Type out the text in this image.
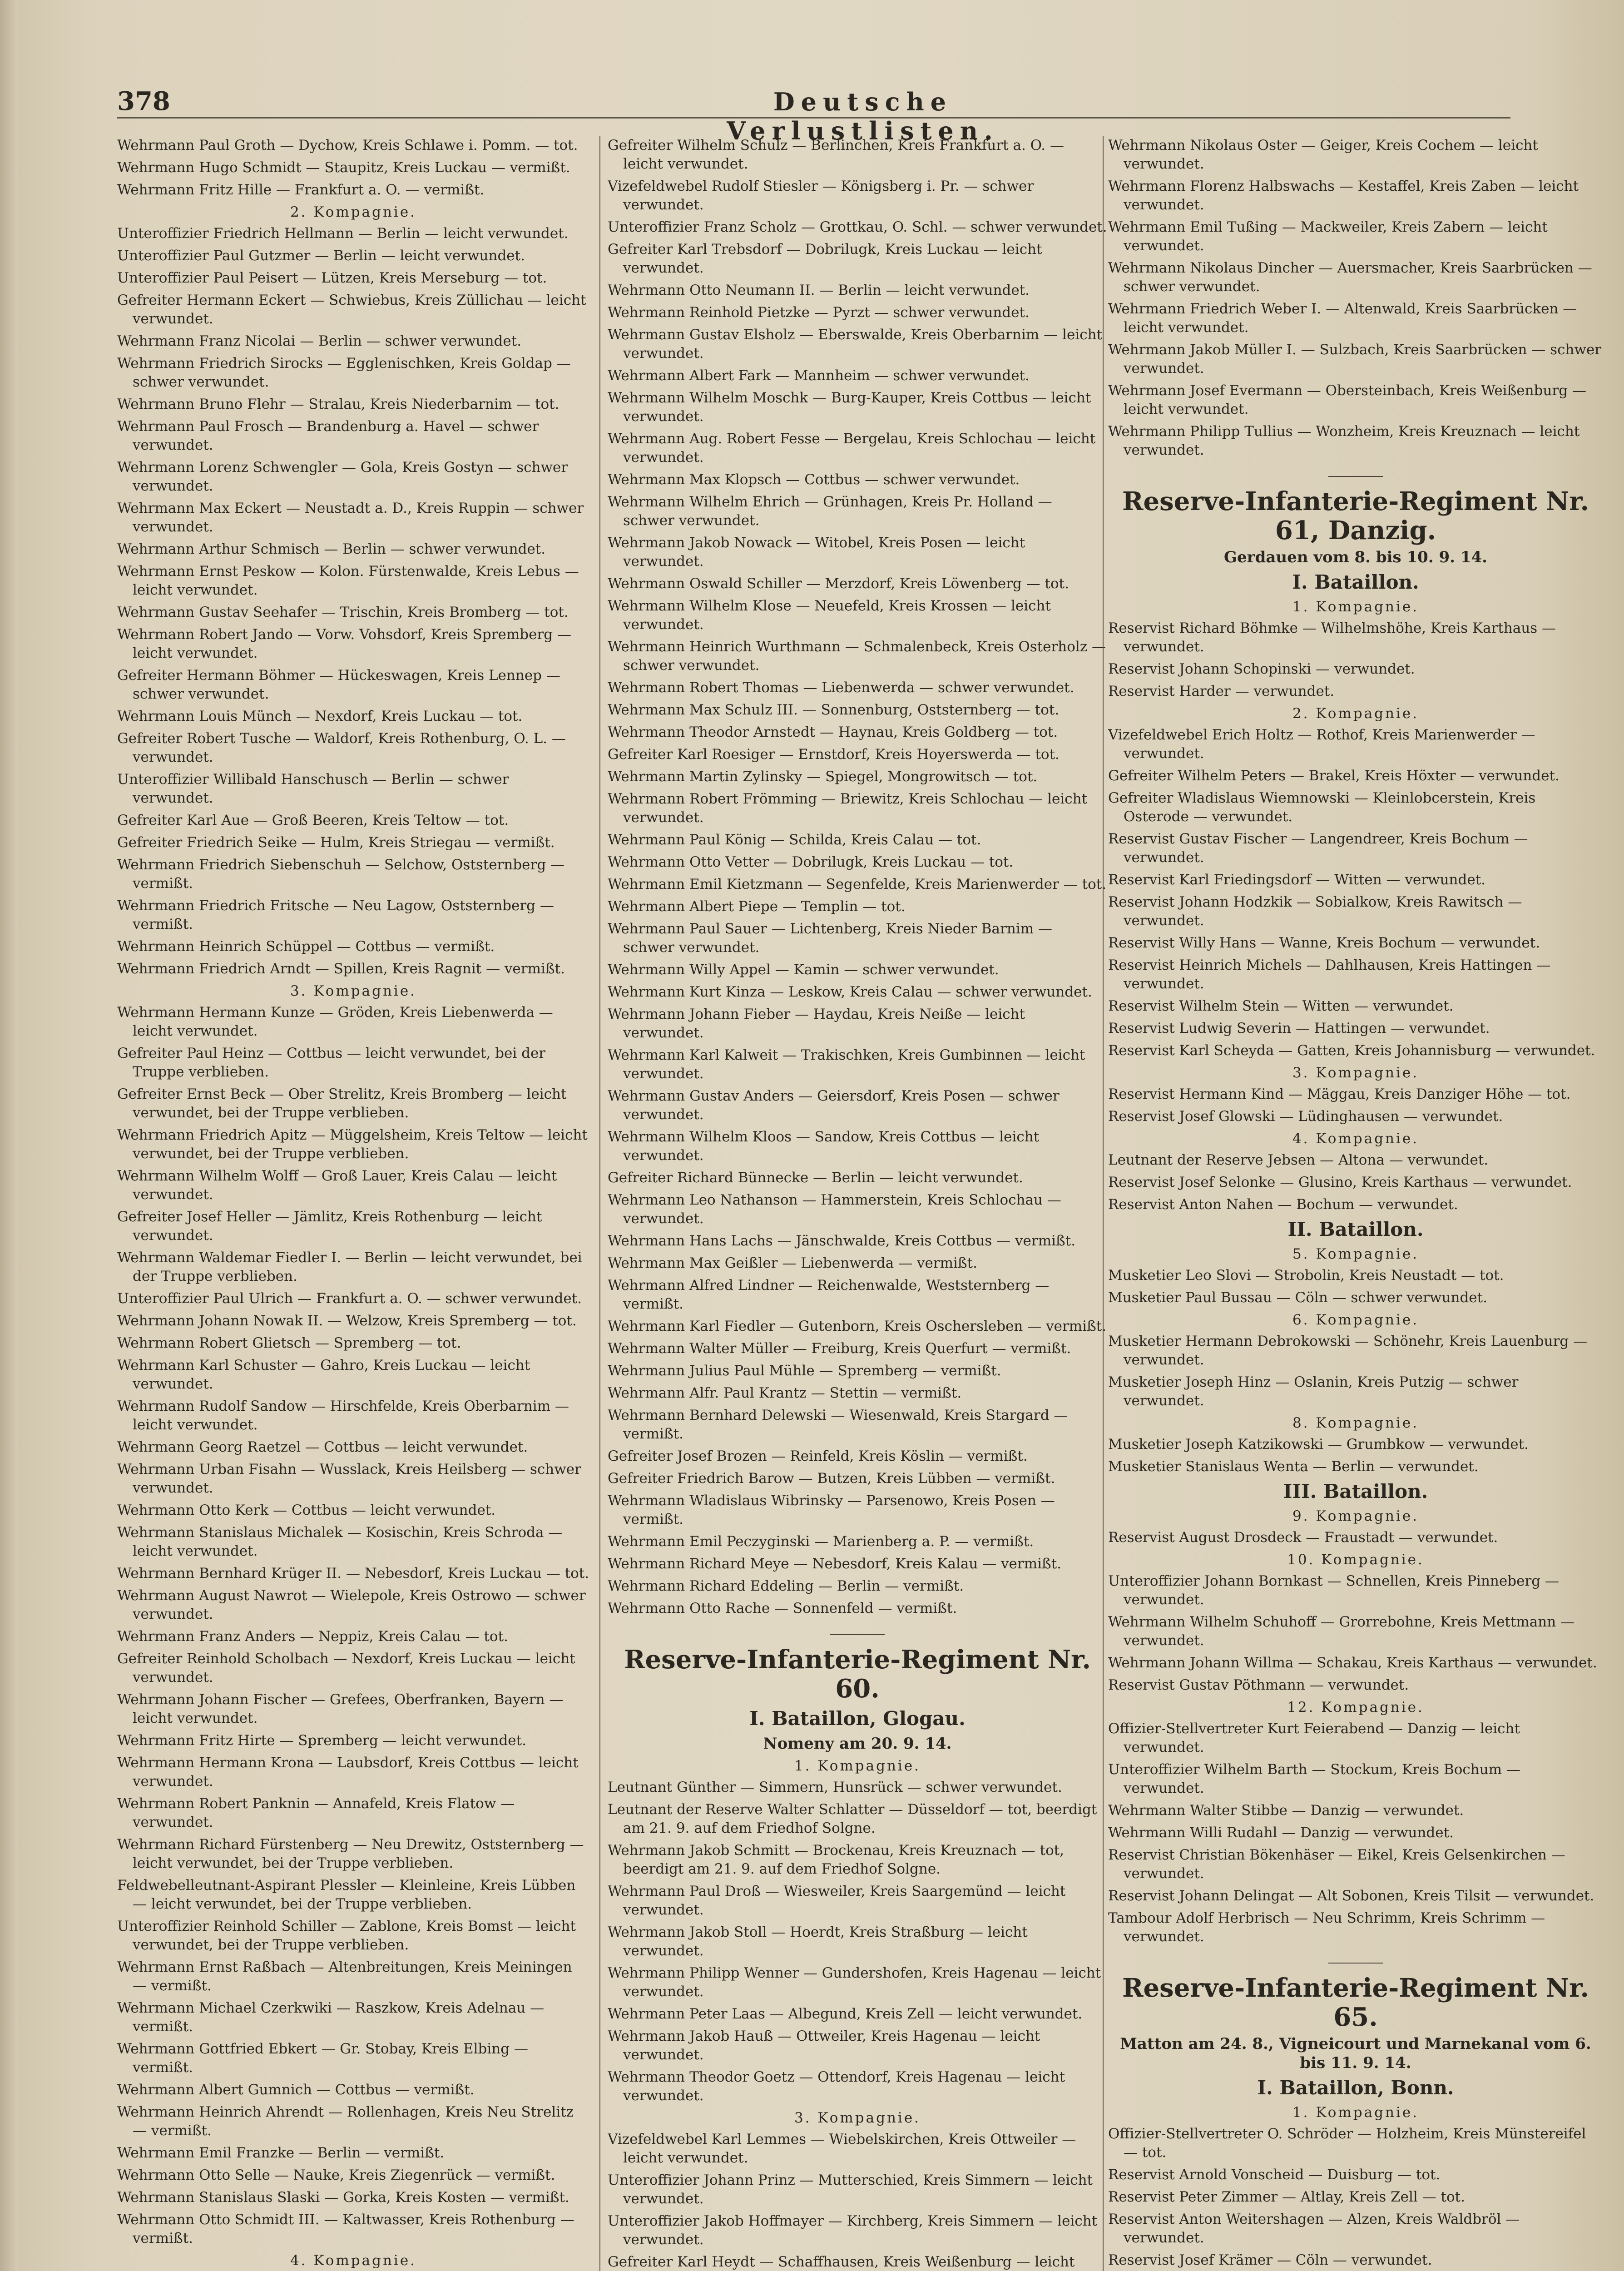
378	Deutsche Verlustlisten.
Wehrmann Paul Groth — Dychow, Kreis Schlawe i. Pomm. — tot.
Wehrmann Hugo Schmidt — Staupitz, Kreis Luckau — vermißt.
Wehrmann Fritz Hille — Frankfurt a. O. — vermißt.
2. Kompagnie.
Unteroffizier Friedrich Hellmann — Berlin — leicht verwundet.
Unteroffizier Paul Gutzmer — Berlin — leicht verwundet.
Unteroffizier Paul Peisert — Lützen, Kreis Merseburg — tot.
Gefreiter Hermann Eckert — Schwiebus, Kreis Züllichau — leicht verwundet.
Wehrmann Franz Nicolai — Berlin — schwer verwundet.
Wehrmann Friedrich Sirocks — Egglenischken, Kreis Goldap — schwer verwundet.
Wehrmann Bruno Flehr — Stralau, Kreis Niederbarnim — tot.
Wehrmann Paul Frosch — Brandenburg a. Havel — schwer verwundet.
Wehrmann Lorenz Schwengler — Gola, Kreis Gostyn — schwer verwundet.
Wehrmann Max Eckert — Neustadt a. D., Kreis Ruppin — schwer verwundet.
Wehrmann Arthur Schmisch — Berlin — schwer verwundet.
Wehrmann Ernst Peskow — Kolon. Fürstenwalde, Kreis Lebus — leicht verwundet.
Wehrmann Gustav Seehafer — Trischin, Kreis Bromberg — tot.
Wehrmann Robert Jando — Vorw. Vohsdorf, Kreis Spremberg — leicht verwundet.
Gefreiter Hermann Böhmer — Hückeswagen, Kreis Lennep — schwer verwundet.
Wehrmann Louis Münch — Nexdorf, Kreis Luckau — tot.
Gefreiter Robert Tusche — Waldorf, Kreis Rothenburg, O. L. — verwundet.
Unteroffizier Willibald Hanschusch — Berlin — schwer verwundet.
Gefreiter Karl Aue — Groß Beeren, Kreis Teltow — tot.
Gefreiter Friedrich Seike — Hulm, Kreis Striegau — vermißt.
Wehrmann Friedrich Siebenschuh — Selchow, Oststernberg — vermißt.
Wehrmann Friedrich Fritsche — Neu Lagow, Oststernberg — vermißt.
Wehrmann Heinrich Schüppel — Cottbus — vermißt.
Wehrmann Friedrich Arndt — Spillen, Kreis Ragnit — vermißt.
3. Kompagnie.
Wehrmann Hermann Kunze — Gröden, Kreis Liebenwerda — leicht verwundet.
Gefreiter Paul Heinz — Cottbus — leicht verwundet, bei der Truppe verblieben.
Gefreiter Ernst Beck — Ober Strelitz, Kreis Bromberg — leicht verwundet, bei der Truppe verblieben.
Wehrmann Friedrich Apitz — Müggelsheim, Kreis Teltow — leicht verwundet, bei der Truppe verblieben.
Wehrmann Wilhelm Wolff — Groß Lauer, Kreis Calau — leicht verwundet.
Gefreiter Josef Heller — Jämlitz, Kreis Rothenburg — leicht verwundet.
Wehrmann Waldemar Fiedler I. — Berlin — leicht verwundet, bei der Truppe verblieben.
Unteroffizier Paul Ulrich — Frankfurt a. O. — schwer verwundet.
Wehrmann Johann Nowak II. — Welzow, Kreis Spremberg — tot.
Wehrmann Robert Glietsch — Spremberg — tot.
Wehrmann Karl Schuster — Gahro, Kreis Luckau — leicht verwundet.
Wehrmann Rudolf Sandow — Hirschfelde, Kreis Oberbarnim — leicht verwundet.
Wehrmann Georg Raetzel — Cottbus — leicht verwundet.
Wehrmann Urban Fisahn — Wusslack, Kreis Heilsberg — schwer verwundet.
Wehrmann Otto Kerk — Cottbus — leicht verwundet.
Wehrmann Stanislaus Michalek — Kosischin, Kreis Schroda — leicht verwundet.
Wehrmann Bernhard Krüger II. — Nebesdorf, Kreis Luckau — tot.
Wehrmann August Nawrot — Wielepole, Kreis Ostrowo — schwer verwundet.
Wehrmann Franz Anders — Neppiz, Kreis Calau — tot.
Gefreiter Reinhold Scholbach — Nexdorf, Kreis Luckau — leicht verwundet.
Wehrmann Johann Fischer — Grefees, Oberfranken, Bayern — leicht verwundet.
Wehrmann Fritz Hirte — Spremberg — leicht verwundet.
Wehrmann Hermann Krona — Laubsdorf, Kreis Cottbus — leicht verwundet.
Wehrmann Robert Panknin — Annafeld, Kreis Flatow — verwundet.
Wehrmann Richard Fürstenberg — Neu Drewitz, Oststernberg — leicht verwundet, bei der Truppe verblieben.
Feldwebelleutnant-Aspirant Plessler — Kleinleine, Kreis Lübben — leicht verwundet, bei der Truppe verblieben.
Unteroffizier Reinhold Schiller — Zablone, Kreis Bomst — leicht verwundet, bei der Truppe verblieben.
Wehrmann Ernst Raßbach — Altenbreitungen, Kreis Meiningen — vermißt.
Wehrmann Michael Czerkwiki — Raszkow, Kreis Adelnau — vermißt.
Wehrmann Gottfried Ebkert — Gr. Stobay, Kreis Elbing — vermißt.
Wehrmann Albert Gumnich — Cottbus — vermißt.
Wehrmann Heinrich Ahrendt — Rollenhagen, Kreis Neu Strelitz — vermißt.
Wehrmann Emil Franzke — Berlin — vermißt.
Wehrmann Otto Selle — Nauke, Kreis Ziegenrück — vermißt.
Wehrmann Stanislaus Slaski — Gorka, Kreis Kosten — vermißt.
Wehrmann Otto Schmidt III. — Kaltwasser, Kreis Rothenburg — vermißt.
4. Kompagnie.
Gefreiter Wilhelm Schulz — Berlinchen, Kreis Frankfurt a. O. — leicht verwundet.
Vizefeldwebel Rudolf Stiesler — Königsberg i. Pr. — schwer verwundet.
Unteroffizier Franz Scholz — Grottkau, O. Schl. — schwer verwundet.
Gefreiter Karl Trebsdorf — Dobrilugk, Kreis Luckau — leicht verwundet.
Wehrmann Otto Neumann II. — Berlin — leicht verwundet.
Wehrmann Reinhold Pietzke — Pyrzt — schwer verwundet.
Wehrmann Gustav Elsholz — Eberswalde, Kreis Oberbarnim — leicht verwundet.
Wehrmann Albert Fark — Mannheim — schwer verwundet.
Wehrmann Wilhelm Moschk — Burg-Kauper, Kreis Cottbus — leicht verwundet.
Wehrmann Aug. Robert Fesse — Bergelau, Kreis Schlochau — leicht verwundet.
Wehrmann Max Klopsch — Cottbus — schwer verwundet.
Wehrmann Wilhelm Ehrich — Grünhagen, Kreis Pr. Holland — schwer verwundet.
Wehrmann Jakob Nowack — Witobel, Kreis Posen — leicht verwundet.
Wehrmann Oswald Schiller — Merzdorf, Kreis Löwenberg — tot.
Wehrmann Wilhelm Klose — Neuefeld, Kreis Krossen — leicht verwundet.
Wehrmann Heinrich Wurthmann — Schmalenbeck, Kreis Osterholz — schwer verwundet.
Wehrmann Robert Thomas — Liebenwerda — schwer verwundet.
Wehrmann Max Schulz III. — Sonnenburg, Oststernberg — tot.
Wehrmann Theodor Arnstedt — Haynau, Kreis Goldberg — tot.
Gefreiter Karl Roesiger — Ernstdorf, Kreis Hoyerswerda — tot.
Wehrmann Martin Zylinsky — Spiegel, Mongrowitsch — tot.
Wehrmann Robert Frömming — Briewitz, Kreis Schlochau — leicht verwundet.
Wehrmann Paul König — Schilda, Kreis Calau — tot.
Wehrmann Otto Vetter — Dobrilugk, Kreis Luckau — tot.
Wehrmann Emil Kietzmann — Segenfelde, Kreis Marienwerder — tot.
Wehrmann Albert Piepe — Templin — tot.
Wehrmann Paul Sauer — Lichtenberg, Kreis Nieder Barnim — schwer verwundet.
Wehrmann Willy Appel — Kamin — schwer verwundet.
Wehrmann Kurt Kinza — Leskow, Kreis Calau — schwer verwundet.
Wehrmann Johann Fieber — Haydau, Kreis Neiße — leicht verwundet.
Wehrmann Karl Kalweit — Trakischken, Kreis Gumbinnen — leicht verwundet.
Wehrmann Gustav Anders — Geiersdorf, Kreis Posen — schwer verwundet.
Wehrmann Wilhelm Kloos — Sandow, Kreis Cottbus — leicht verwundet.
Gefreiter Richard Bünnecke — Berlin — leicht verwundet.
Wehrmann Leo Nathanson — Hammerstein, Kreis Schlochau — verwundet.
Wehrmann Hans Lachs — Jänschwalde, Kreis Cottbus — vermißt.
Wehrmann Max Geißler — Liebenwerda — vermißt.
Wehrmann Alfred Lindner — Reichenwalde, Weststernberg — vermißt.
Wehrmann Karl Fiedler — Gutenborn, Kreis Oschersleben — vermißt.
Wehrmann Walter Müller — Freiburg, Kreis Querfurt — vermißt.
Wehrmann Julius Paul Mühle — Spremberg — vermißt.
Wehrmann Alfr. Paul Krantz — Stettin — vermißt.
Wehrmann Bernhard Delewski — Wiesenwald, Kreis Stargard — vermißt.
Gefreiter Josef Brozen — Reinfeld, Kreis Köslin — vermißt.
Gefreiter Friedrich Barow — Butzen, Kreis Lübben — vermißt.
Wehrmann Wladislaus Wibrinsky — Parsenowo, Kreis Posen — vermißt.
Wehrmann Emil Peczyginski — Marienberg a. P. — vermißt.
Wehrmann Richard Meye — Nebesdorf, Kreis Kalau — vermißt.
Wehrmann Richard Eddeling — Berlin — vermißt.
Wehrmann Otto Rache — Sonnenfeld — vermißt.
Reserve-Infanterie-Regiment Nr. 60.
I. Bataillon, Glogau.
Nomeny am 20. 9. 14.
1. Kompagnie.
Leutnant Günther — Simmern, Hunsrück — schwer verwundet.
Leutnant der Reserve Walter Schlatter — Düsseldorf — tot, beerdigt am 21. 9. auf dem Friedhof Solgne.
Wehrmann Jakob Schmitt — Brockenau, Kreis Kreuznach — tot, beerdigt am 21. 9. auf dem Friedhof Solgne.
Wehrmann Paul Droß — Wiesweiler, Kreis Saargemünd — leicht verwundet.
Wehrmann Jakob Stoll — Hoerdt, Kreis Straßburg — leicht verwundet.
Wehrmann Philipp Wenner — Gundershofen, Kreis Hagenau — leicht verwundet.
Wehrmann Peter Laas — Albegund, Kreis Zell — leicht verwundet.
Wehrmann Jakob Hauß — Ottweiler, Kreis Hagenau — leicht verwundet.
Wehrmann Theodor Goetz — Ottendorf, Kreis Hagenau — leicht verwundet.
3. Kompagnie.
Vizefeldwebel Karl Lemmes — Wiebelskirchen, Kreis Ottweiler — leicht verwundet.
Unteroffizier Johann Prinz — Mutterschied, Kreis Simmern — leicht verwundet.
Unteroffizier Jakob Hoffmayer — Kirchberg, Kreis Simmern — leicht verwundet.
Gefreiter Karl Heydt — Schaffhausen, Kreis Weißenburg — leicht
Wehrmann Nikolaus Oster — Geiger, Kreis Cochem — leicht verwundet.
Wehrmann Florenz Halbswachs — Kestaffel, Kreis Zaben — leicht verwundet.
Wehrmann Emil Tußing — Mackweiler, Kreis Zabern — leicht verwundet.
Wehrmann Nikolaus Dincher — Auersmacher, Kreis Saarbrücken — schwer verwundet.
Wehrmann Friedrich Weber I. — Altenwald, Kreis Saarbrücken — leicht verwundet.
Wehrmann Jakob Müller I. — Sulzbach, Kreis Saarbrücken — schwer verwundet.
Wehrmann Josef Evermann — Obersteinbach, Kreis Weißenburg — leicht verwundet.
Wehrmann Philipp Tullius — Wonzheim, Kreis Kreuznach — leicht verwundet.
Reserve-Infanterie-Regiment Nr. 61, Danzig.
Gerdauen vom 8. bis 10. 9. 14.
I. Bataillon.
1. Kompagnie.
Reservist Richard Böhmke — Wilhelmshöhe, Kreis Karthaus — verwundet.
Reservist Johann Schopinski — verwundet.
Reservist Harder — verwundet.
2. Kompagnie.
Vizefeldwebel Erich Holtz — Rothof, Kreis Marienwerder — verwundet.
Gefreiter Wilhelm Peters — Brakel, Kreis Höxter — verwundet.
Gefreiter Wladislaus Wiemnowski — Kleinlobcerstein, Kreis Osterode — verwundet.
Reservist Gustav Fischer — Langendreer, Kreis Bochum — verwundet.
Reservist Karl Friedingsdorf — Witten — verwundet.
Reservist Johann Hodzkik — Sobialkow, Kreis Rawitsch — verwundet.
Reservist Willy Hans — Wanne, Kreis Bochum — verwundet.
Reservist Heinrich Michels — Dahlhausen, Kreis Hattingen — verwundet.
Reservist Wilhelm Stein — Witten — verwundet.
Reservist Ludwig Severin — Hattingen — verwundet.
Reservist Karl Scheyda — Gatten, Kreis Johannisburg — verwundet.
3. Kompagnie.
Reservist Hermann Kind — Mäggau, Kreis Danziger Höhe — tot.
Reservist Josef Glowski — Lüdinghausen — verwundet.
4. Kompagnie.
Leutnant der Reserve Jebsen — Altona — verwundet.
Reservist Josef Selonke — Glusino, Kreis Karthaus — verwundet.
Reservist Anton Nahen — Bochum — verwundet.
II. Bataillon.
5. Kompagnie.
Musketier Leo Slovi — Strobolin, Kreis Neustadt — tot.
Musketier Paul Bussau — Cöln — schwer verwundet.
6. Kompagnie.
Musketier Hermann Debrokowski — Schönehr, Kreis Lauenburg — verwundet.
Musketier Joseph Hinz — Oslanin, Kreis Putzig — schwer verwundet.
8. Kompagnie.
Musketier Joseph Katzikowski — Grumbkow — verwundet.
Musketier Stanislaus Wenta — Berlin — verwundet.
III. Bataillon.
9. Kompagnie.
Reservist August Drosdeck — Fraustadt — verwundet.
10. Kompagnie.
Unteroffizier Johann Bornkast — Schnellen, Kreis Pinneberg — verwundet.
Wehrmann Wilhelm Schuhoff — Grorrebohne, Kreis Mettmann — verwundet.
Wehrmann Johann Willma — Schakau, Kreis Karthaus — verwundet.
Reservist Gustav Pöthmann — verwundet.
12. Kompagnie.
Offizier-Stellvertreter Kurt Feierabend — Danzig — leicht verwundet.
Unteroffizier Wilhelm Barth — Stockum, Kreis Bochum — verwundet.
Wehrmann Walter Stibbe — Danzig — verwundet.
Wehrmann Willi Rudahl — Danzig — verwundet.
Reservist Christian Bökenhäser — Eikel, Kreis Gelsenkirchen — verwundet.
Reservist Johann Delingat — Alt Sobonen, Kreis Tilsit — verwundet.
Tambour Adolf Herbrisch — Neu Schrimm, Kreis Schrimm — verwundet.
Reserve-Infanterie-Regiment Nr. 65.
Matton am 24. 8., Vigneicourt und Marnekanal vom 6. bis 11. 9. 14.
I. Bataillon, Bonn.
1. Kompagnie.
Offizier-Stellvertreter O. Schröder — Holzheim, Kreis Münstereifel — tot.
Reservist Arnold Vonscheid — Duisburg — tot.
Reservist Peter Zimmer — Altlay, Kreis Zell — tot.
Reservist Anton Weitershagen — Alzen, Kreis Waldbröl — verwundet.
Reservist Josef Krämer — Cöln — verwundet.
